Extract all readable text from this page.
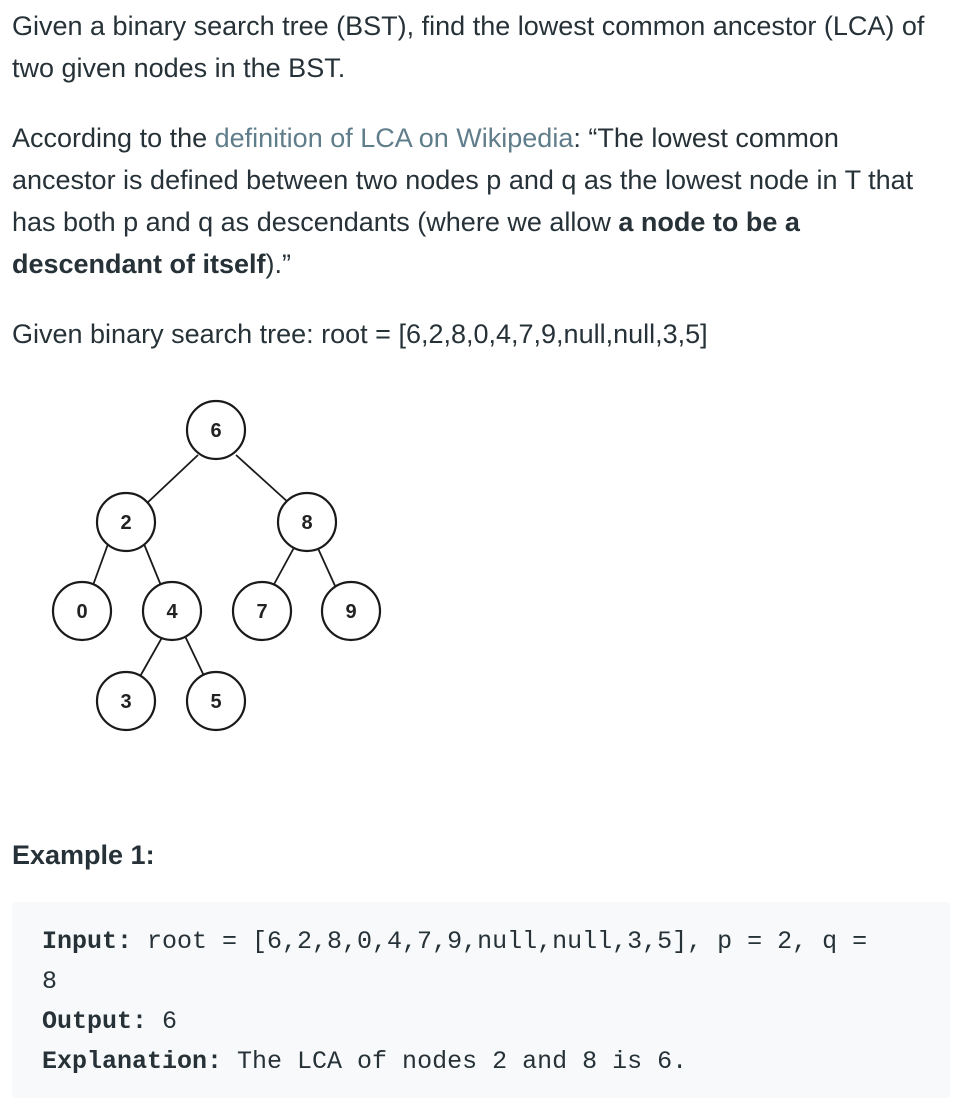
Given a binary search tree (BST), find the lowest common ancestor (LCA) of two given nodes in the BST.

According to the definition of LCA on Wikipedia: “The lowest common ancestor is defined between two nodes p and q as the lowest node in T that has both p and q as descendants (where we allow a node to be a descendant of itself).”

Given binary search tree: root = [6,2,8,0,4,7,9,null,null,3,5]

6
2	8
0	4	7	9
3	5
Example 1:
Input: root = [6,2,8,0,4,7,9,null,null,3,5], p = 2, q =
8
Output: 6
Explanation: The LCA of nodes 2 and 8 is 6.
